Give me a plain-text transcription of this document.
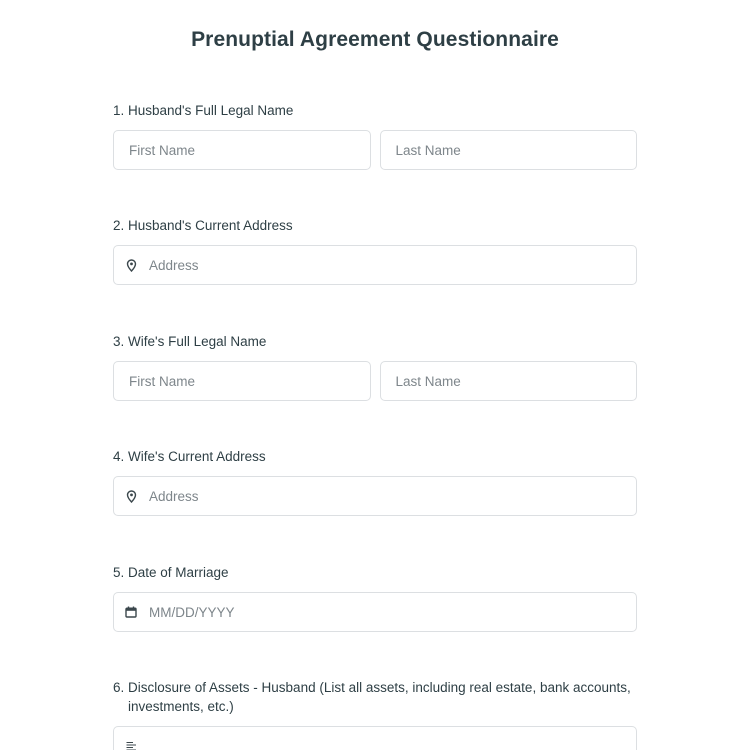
Prenuptial Agreement Questionnaire
1. Husband's Full Legal Name
First Name	Last Name
2. Husband's Current Address
Address
3. Wife's Full Legal Name
First Name	Last Name
4. Wife's Current Address
Address
5. Date of Marriage
MM/DD/YYYY
6. Disclosure of Assets - Husband (List all assets, including real estate, bank accounts, investments, etc.)
